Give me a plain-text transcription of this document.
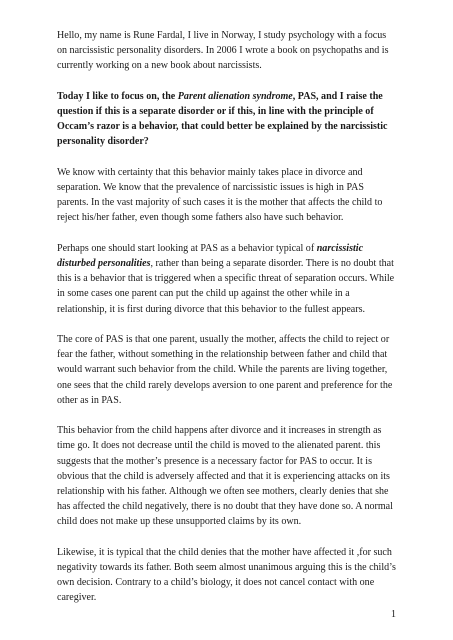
Hello, my name is Rune Fardal, I live in Norway, I study psychology with a focus on narcissistic personality disorders. In 2006 I wrote a book on psychopaths and is currently working on a new book about narcissists.

Today I like to focus on, the Parent alienation syndrome, PAS, and I raise the question if this is a separate disorder or if this, in line with the principle of Occam’s razor is a behavior, that could better be explained by the narcissistic personality disorder?

We know with certainty that this behavior mainly takes place in divorce and separation. We know that the prevalence of narcissistic issues is high in PAS parents. In the vast majority of such cases it is the mother that affects the child to reject his/her father, even though some fathers also have such behavior.

Perhaps one should start looking at PAS as a behavior typical of narcissistic disturbed personalities, rather than being a separate disorder. There is no doubt that this is a behavior that is triggered when a specific threat of separation occurs. While in some cases one parent can put the child up against the other while in a relationship, it is first during divorce that this behavior to the fullest appears.

The core of PAS is that one parent, usually the mother, affects the child to reject or fear the father, without something in the relationship between father and child that would warrant such behavior from the child. While the parents are living together, one sees that the child rarely develops aversion to one parent and preference for the other as in PAS.

This behavior from the child happens after divorce and it increases in strength as time go. It does not decrease until the child is moved to the alienated parent. this suggests that the mother’s presence is a necessary factor for PAS to occur. It is obvious that the child is adversely affected and that it is experiencing attacks on its relationship with his father. Although we often see mothers, clearly denies that she has affected the child negatively, there is no doubt that they have done so. A normal child does not make up these unsupported claims by its own.

Likewise, it is typical that the child denies that the mother have affected it ,for such negativity towards its father. Both seem almost unanimous arguing this is the child’s own decision. Contrary to a child’s biology, it does not cancel contact with one caregiver.

1
